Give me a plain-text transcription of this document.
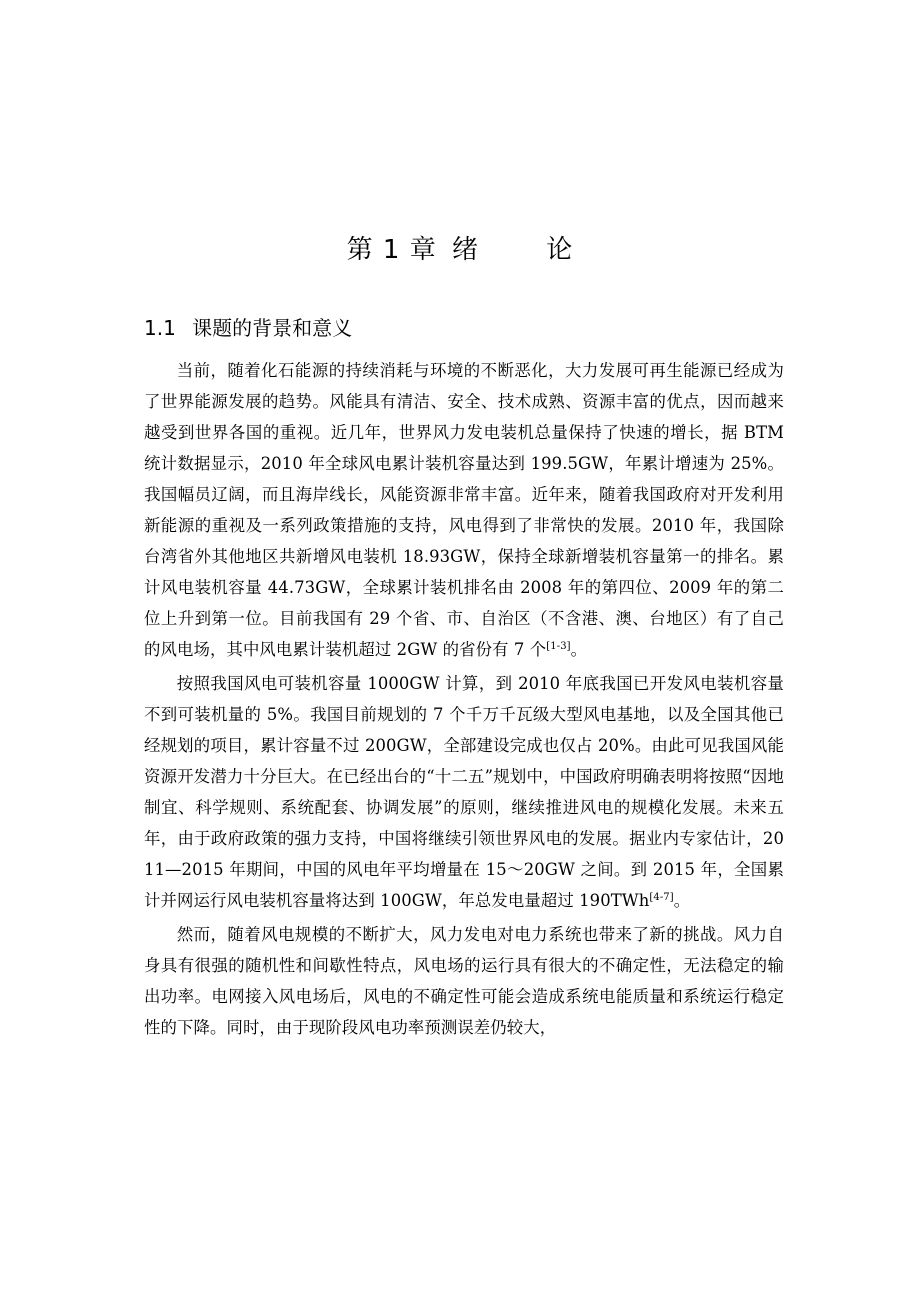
第 1 章 绪	论
1.1 课题的背景和意义

当前，随着化石能源的持续消耗与环境的不断恶化，大力发展可再生能源已经成为了世界能源发展的趋势。风能具有清洁、安全、技术成熟、资源丰富的优点，因而越来越受到世界各国的重视。近几年，世界风力发电装机总量保持了快速的增长，据 BTM 统计数据显示，2010 年全球风电累计装机容量达到 199.5GW，年累计增速为 25%。我国幅员辽阔，而且海岸线长，风能资源非常丰富。近年来，随着我国政府对开发利用新能源的重视及一系列政策措施的支持，风电得到了非常快的发展。2010 年，我国除台湾省外其他地区共新增风电装机 18.93GW，保持全球新增装机容量第一的排名。累计风电装机容量 44.73GW，全球累计装机排名由 2008 年的第四位、2009 年的第二位上升到第一位。目前我国有 29 个省、市、自治区（不含港、澳、台地区）有了自己的风电场，其中风电累计装机超过 2GW 的省份有 7 个[1-3]。

按照我国风电可装机容量 1000GW 计算，到 2010 年底我国已开发风电装机容量不到可装机量的 5%。我国目前规划的 7 个千万千瓦级大型风电基地，以及全国其他已经规划的项目，累计容量不过 200GW，全部建设完成也仅占 20%。由此可见我国风能资源开发潜力十分巨大。在已经出台的“十二五”规划中，中国政府明确表明将按照“因地制宜、科学规则、系统配套、协调发展”的原则，继续推进风电的规模化发展。未来五年，由于政府政策的强力支持，中国将继续引领世界风电的发展。据业内专家估计，2011—2015 年期间，中国的风电年平均增量在 15～20GW 之间。到 2015 年，全国累计并网运行风电装机容量将达到 100GW，年总发电量超过 190TWh[4-7]。

然而，随着风电规模的不断扩大，风力发电对电力系统也带来了新的挑战。风力自身具有很强的随机性和间歇性特点，风电场的运行具有很大的不确定性，无法稳定的输出功率。电网接入风电场后，风电的不确定性可能会造成系统电能质量和系统运行稳定性的下降。同时，由于现阶段风电功率预测误差仍较大，
